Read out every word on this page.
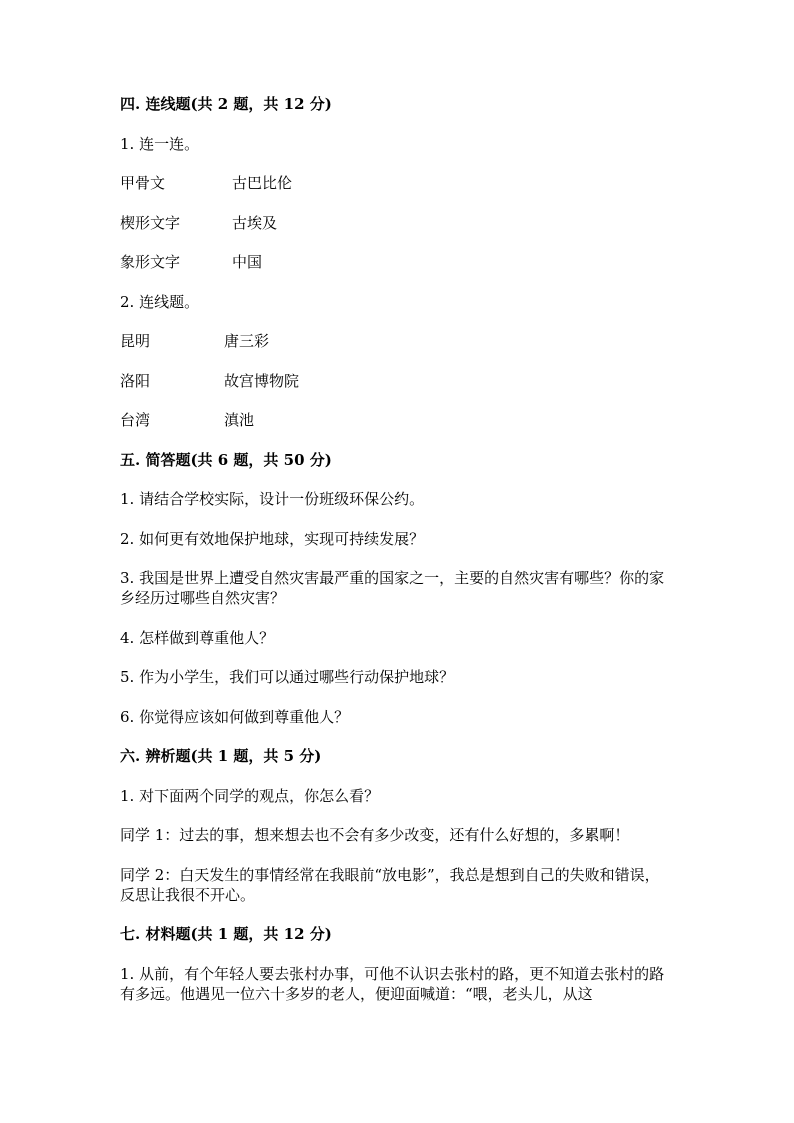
四. 连线题(共 2 题，共 12 分)
1. 连一连。
甲骨文	古巴比伦
楔形文字	古埃及
象形文字	中国
2. 连线题。
昆明	唐三彩
洛阳	故宫博物院
台湾	滇池
五. 简答题(共 6 题，共 50 分)
1. 请结合学校实际，设计一份班级环保公约。
2. 如何更有效地保护地球，实现可持续发展？
3. 我国是世界上遭受自然灾害最严重的国家之一，主要的自然灾害有哪些？你的家乡经历过哪些自然灾害？
4. 怎样做到尊重他人？
5. 作为小学生，我们可以通过哪些行动保护地球？
6. 你觉得应该如何做到尊重他人？
六. 辨析题(共 1 题，共 5 分)
1. 对下面两个同学的观点，你怎么看？
同学 1：过去的事，想来想去也不会有多少改变，还有什么好想的，多累啊！
同学 2：白天发生的事情经常在我眼前“放电影”，我总是想到自己的失败和错误，反思让我很不开心。
七. 材料题(共 1 题，共 12 分)
1. 从前，有个年轻人要去张村办事，可他不认识去张村的路，更不知道去张村的路有多远。他遇见一位六十多岁的老人，便迎面喊道：“喂，老头儿，从这
